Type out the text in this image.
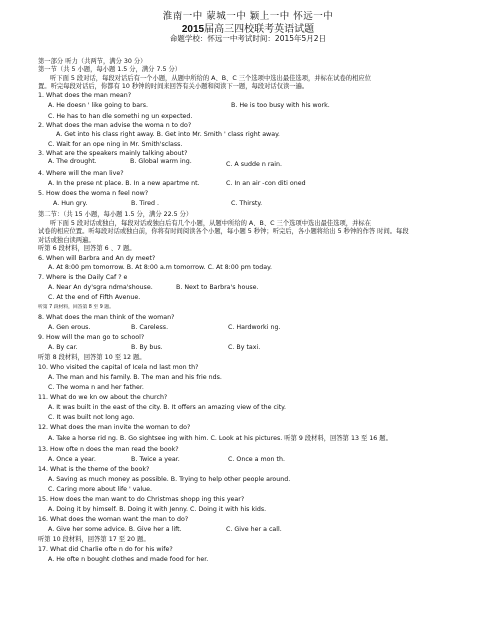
淮南一中 蒙城一中 颖上一中 怀远一中
2015届高三四校联考英语试题
命题学校：怀远一中考试时间：2015年5月2日
第一部分 听力（共两节，满分 30 分）
第一节（共 5 小题，每小题 1.5 分，满分 7.5 分）
听下面 5 段对话，每段对话后有一个小题，从题中所给的 A、B、C 三个选项中选出最佳选项，并标在试卷的相应位
置。听完每段对话后，你都有 10 秒钟的时间来回答有关小题和阅读下一题，每段对话仅读一遍。
1. What does the man mean?
A. He doesn ' like going to bars.	B. He is too busy with his work.
C. He has to han dle somethi ng un expected.
2. What does the man advise the woma n to do?
A. Get into his class right away. B. Get into Mr. Smith ' class right away.
C. Wait for an ope ning in Mr. Smith'sclass.
3. What are the speakers mainly talking about?
A. The drought.	B. Global warm ing.	C. A sudde n rain.
4. Where will the man live?
A. In the prese nt place. B. In a new apartme nt.	C. In an air -con diti oned
5. How does the woma n feel now?
A. Hun gry.	B. Tired .	C. Thirsty.
第二节：（共 15 小题，每小题 1.5 分，满分 22.5 分）
听下面 5 段对话或独白，每段对话或独白后有几个小题，从题中所给的 A、B、C 三个选项中选出最佳选项，并标在
试卷的相应位置。听每段对话或独白前，你将有时间阅读各个小题，每小题 5 秒钟；听完后，各小题将给出 5 秒钟的作答 时间。每段
对话或独白读两遍。
听第 6 段材料，回答第 6 、7 题。
6. When will Barbra and An dy meet?
A. At 8:00 pm tomorrow. B. At 8:00 a.m tomorrow. C. At 8:00 pm today.
7. Where is the Daily Caf ? e
A. Near An dy'sgra ndma'shouse.	B. Next to Barbra's house.
C. At the end of Fifth Avenue.
听第 7 段材料，回答第 8 至 9 题。
8. What does the man think of the woman?
A. Gen erous.	B. Careless.	C. Hardworki ng.
9. How will the man go to school?
A. By car.	B. By bus.	C. By taxi.
听第 8 段材料，回答第 10 至 12 题。
10. Who visited the capital of Icela nd last mon th?
A. The man and his family. B. The man and his frie nds.
C. The woma n and her father.
11. What do we kn ow about the church?
A. It was built in the east of the city. B. It offers an amazing view of the city.
C. It was built not long ago.
12. What does the man invite the woman to do?
A. Take a horse rid ng. B. Go sightsee ing with him. C. Look at his pictures. 听第 9 段材料，回答第 13 至 16 题。
13. How ofte n does the man read the book?
A. Once a year.	B. Twice a year.	C. Once a mon th.
14. What is the theme of the book?
A. Saving as much money as possible. B. Trying to help other people around.
C. Caring more about life ' value.
15. How does the man want to do Christmas shopp ing this year?
A. Doing it by himself. B. Doing it with Jenny. C. Doing it with his kids.
16. What does the woman want the man to do?
A. Give her some advice. B. Give her a lift.	C. Give her a call.
听第 10 段材料，回答第 17 至 20 题。
17. What did Charlie ofte n do for his wife?
A. He ofte n bought clothes and made food for her.
